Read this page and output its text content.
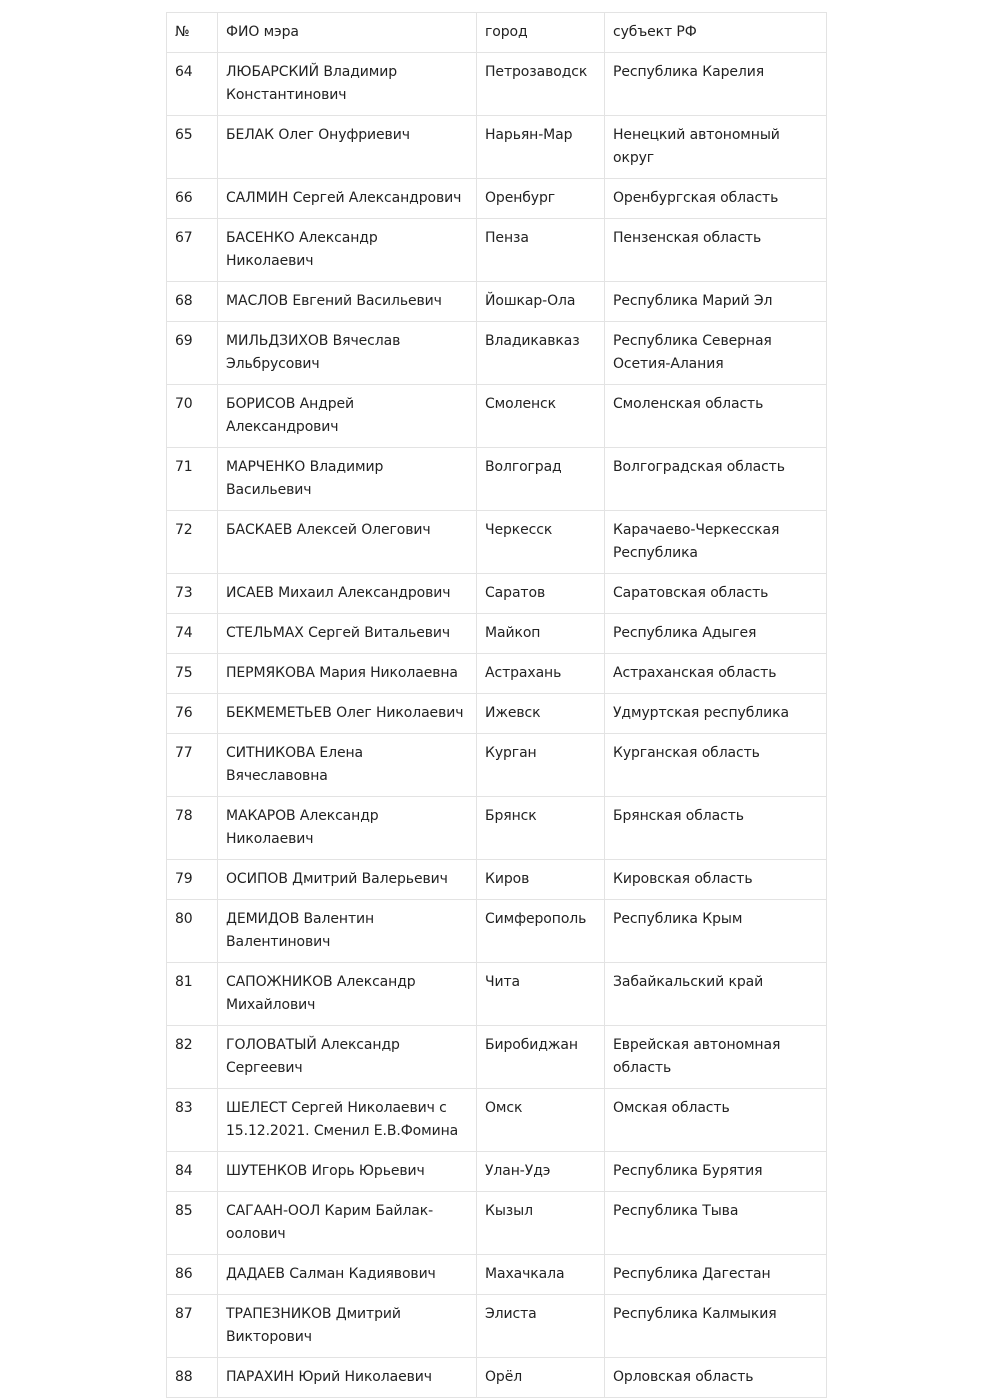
№	ФИО мэра	город	субъект РФ
64	ЛЮБАРСКИЙ Владимир Константинович	Петрозаводск	Республика Карелия
65	БЕЛАК Олег Онуфриевич	Нарьян-Мар	Ненецкий автономный округ
66	САЛМИН Сергей Александрович	Оренбург	Оренбургская область
67	БАСЕНКО Александр Николаевич	Пенза	Пензенская область
68	МАСЛОВ Евгений Васильевич	Йошкар-Ола	Республика Марий Эл
69	МИЛЬДЗИХОВ Вячеслав Эльбрусович	Владикавказ	Республика Северная Осетия-Алания
70	БОРИСОВ Андрей Александрович	Смоленск	Смоленская область
71	МАРЧЕНКО Владимир Васильевич	Волгоград	Волгоградская область
72	БАСКАЕВ Алексей Олегович	Черкесск	Карачаево-Черкесская Республика
73	ИСАЕВ Михаил Александрович	Саратов	Саратовская область
74	СТЕЛЬМАХ Сергей Витальевич	Майкоп	Республика Адыгея
75	ПЕРМЯКОВА Мария Николаевна	Астрахань	Астраханская область
76	БЕКМЕМЕТЬЕВ Олег Николаевич	Ижевск	Удмуртская республика
77	СИТНИКОВА Елена Вячеславовна	Курган	Курганская область
78	МАКАРОВ Александр Николаевич	Брянск	Брянская область
79	ОСИПОВ Дмитрий Валерьевич	Киров	Кировская область
80	ДЕМИДОВ Валентин Валентинович	Симферополь	Республика Крым
81	САПОЖНИКОВ Александр Михайлович	Чита	Забайкальский край
82	ГОЛОВАТЫЙ Александр Сергеевич	Биробиджан	Еврейская автономная область
83	ШЕЛЕСТ Сергей Николаевич с 15.12.2021. Сменил Е.В.Фомина	Омск	Омская область
84	ШУТЕНКОВ Игорь Юрьевич	Улан-Удэ	Республика Бурятия
85	САГААН-ООЛ Карим Байлак-оолович	Кызыл	Республика Тыва
86	ДАДАЕВ Салман Кадиявович	Махачкала	Республика Дагестан
87	ТРАПЕЗНИКОВ Дмитрий Викторович	Элиста	Республика Калмыкия
88	ПАРАХИН Юрий Николаевич	Орёл	Орловская область
